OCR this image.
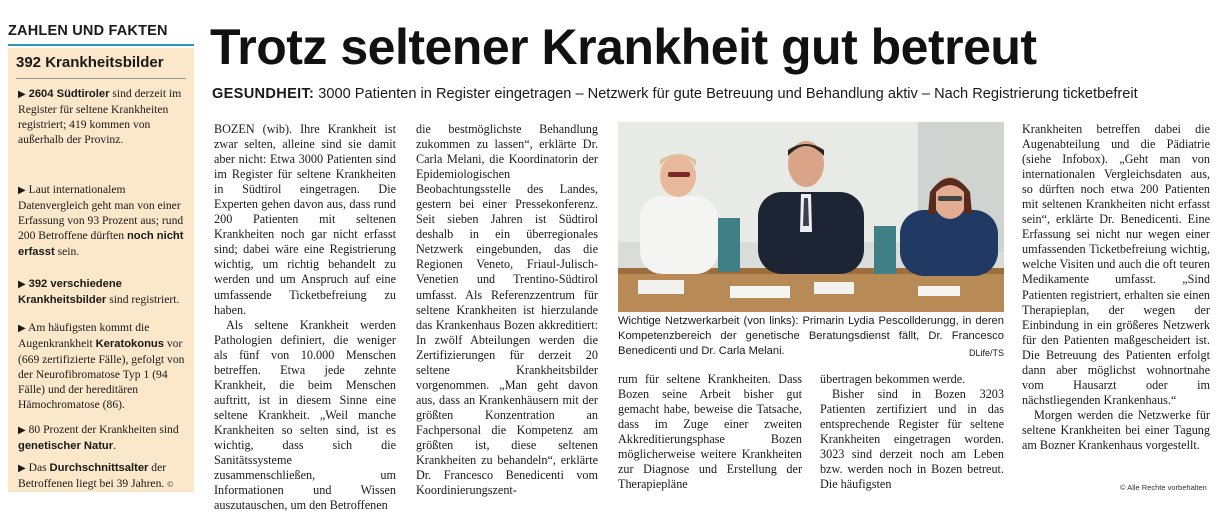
ZAHLEN UND FAKTEN
392 Krankheitsbilder
▶ 2604 Südtiroler sind derzeit im Register für seltene Krankheiten registriert; 419 kommen von außerhalb der Provinz.
▶ Laut internationalem Datenvergleich geht man von einer Erfassung von 93 Prozent aus; rund 200 Betroffene dürften noch nicht erfasst sein.
▶ 392 verschiedene Krankheitsbilder sind registriert.
▶ Am häufigsten kommt die Augenkrankheit Keratokonus vor (669 zertifizierte Fälle), gefolgt von der Neurofibromatose Typ 1 (94 Fälle) und der hereditären Hämochromatose (86).
▶ 80 Prozent der Krankheiten sind genetischer Natur.
▶ Das Durchschnittsalter der Betroffenen liegt bei 39 Jahren. ©
Trotz seltener Krankheit gut betreut
GESUNDHEIT: 3000 Patienten in Register eingetragen – Netzwerk für gute Betreuung und Behandlung aktiv – Nach Registrierung ticketbefreit

BOZEN (wib). Ihre Krankheit ist zwar selten, alleine sind sie damit aber nicht: Etwa 3000 Patienten sind im Register für seltene Krankheiten in Südtirol eingetragen. Die Experten gehen davon aus, dass rund 200 Patienten mit seltenen Krankheiten noch gar nicht erfasst sind; dabei wäre eine Registrierung wichtig, um richtig behandelt zu werden und um Anspruch auf eine umfassende Ticketbefreiung zu haben.

Als seltene Krankheit werden Pathologien definiert, die weniger als fünf von 10.000 Menschen betreffen. Etwa jede zehnte Krankheit, die beim Menschen auftritt, ist in diesem Sinne eine seltene Krankheit. „Weil manche Krankheiten so selten sind, ist es wichtig, dass sich die Sanitätssysteme zusammenschließen, um Informationen und Wissen auszutauschen, um den Betroffenen

die bestmöglichste Behandlung zukommen zu lassen“, erklärte Dr. Carla Melani, die Koordinatorin der Epidemiologischen Beobachtungsstelle des Landes, gestern bei einer Pressekonferenz. Seit sieben Jahren ist Südtirol deshalb in ein überregionales Netzwerk eingebunden, das die Regionen Veneto, Friaul-Julisch-Venetien und Trentino-Südtirol umfasst. Als Referenzzentrum für seltene Krankheiten ist hierzulande das Krankenhaus Bozen akkreditiert: In zwölf Abteilungen werden die Zertifizierungen für derzeit 20 seltene Krankheitsbilder vorgenommen. „Man geht davon aus, dass an Krankenhäusern mit der größten Konzentration an Fachpersonal die Kompetenz am größten ist, diese seltenen Krankheiten zu behandeln“, erklärte Dr. Francesco Benedicenti vom Koordinierungszent-

Wichtige Netzwerkarbeit (von links): Primarin Lydia Pescollderungg, in deren Kompetenzbereich der genetische Beratungsdienst fällt, Dr. Francesco Benedicenti und Dr. Carla Melani.	DLife/TS

rum für seltene Krankheiten. Dass Bozen seine Arbeit bisher gut gemacht habe, beweise die Tatsache, dass im Zuge einer zweiten Akkreditierungsphase Bozen möglicherweise weitere Krankheiten zur Diagnose und Erstellung der Therapiepläne

übertragen bekommen werde.

Bisher sind in Bozen 3203 Patienten zertifiziert und in das entsprechende Register für seltene Krankheiten eingetragen worden. 3023 sind derzeit noch am Leben bzw. werden noch in Bozen betreut. Die häufigsten

Krankheiten betreffen dabei die Augenabteilung und die Pädiatrie (siehe Infobox). „Geht man von internationalen Vergleichsdaten aus, so dürften noch etwa 200 Patienten mit seltenen Krankheiten nicht erfasst sein“, erklärte Dr. Benedicenti. Eine Erfassung sei nicht nur wegen einer umfassenden Ticketbefreiung wichtig, welche Visiten und auch die oft teuren Medikamente umfasst. „Sind Patienten registriert, erhalten sie einen Therapieplan, der wegen der Einbindung in ein größeres Netzwerk für den Patienten maßgescheidert ist. Die Betreuung des Patienten erfolgt dann aber möglichst wohnortnahe vom Hausarzt oder im nächstliegenden Krankenhaus.“

Morgen werden die Netzwerke für seltene Krankheiten bei einer Tagung am Bozner Krankenhaus vorgestellt.

© Alle Rechte vorbehalten
